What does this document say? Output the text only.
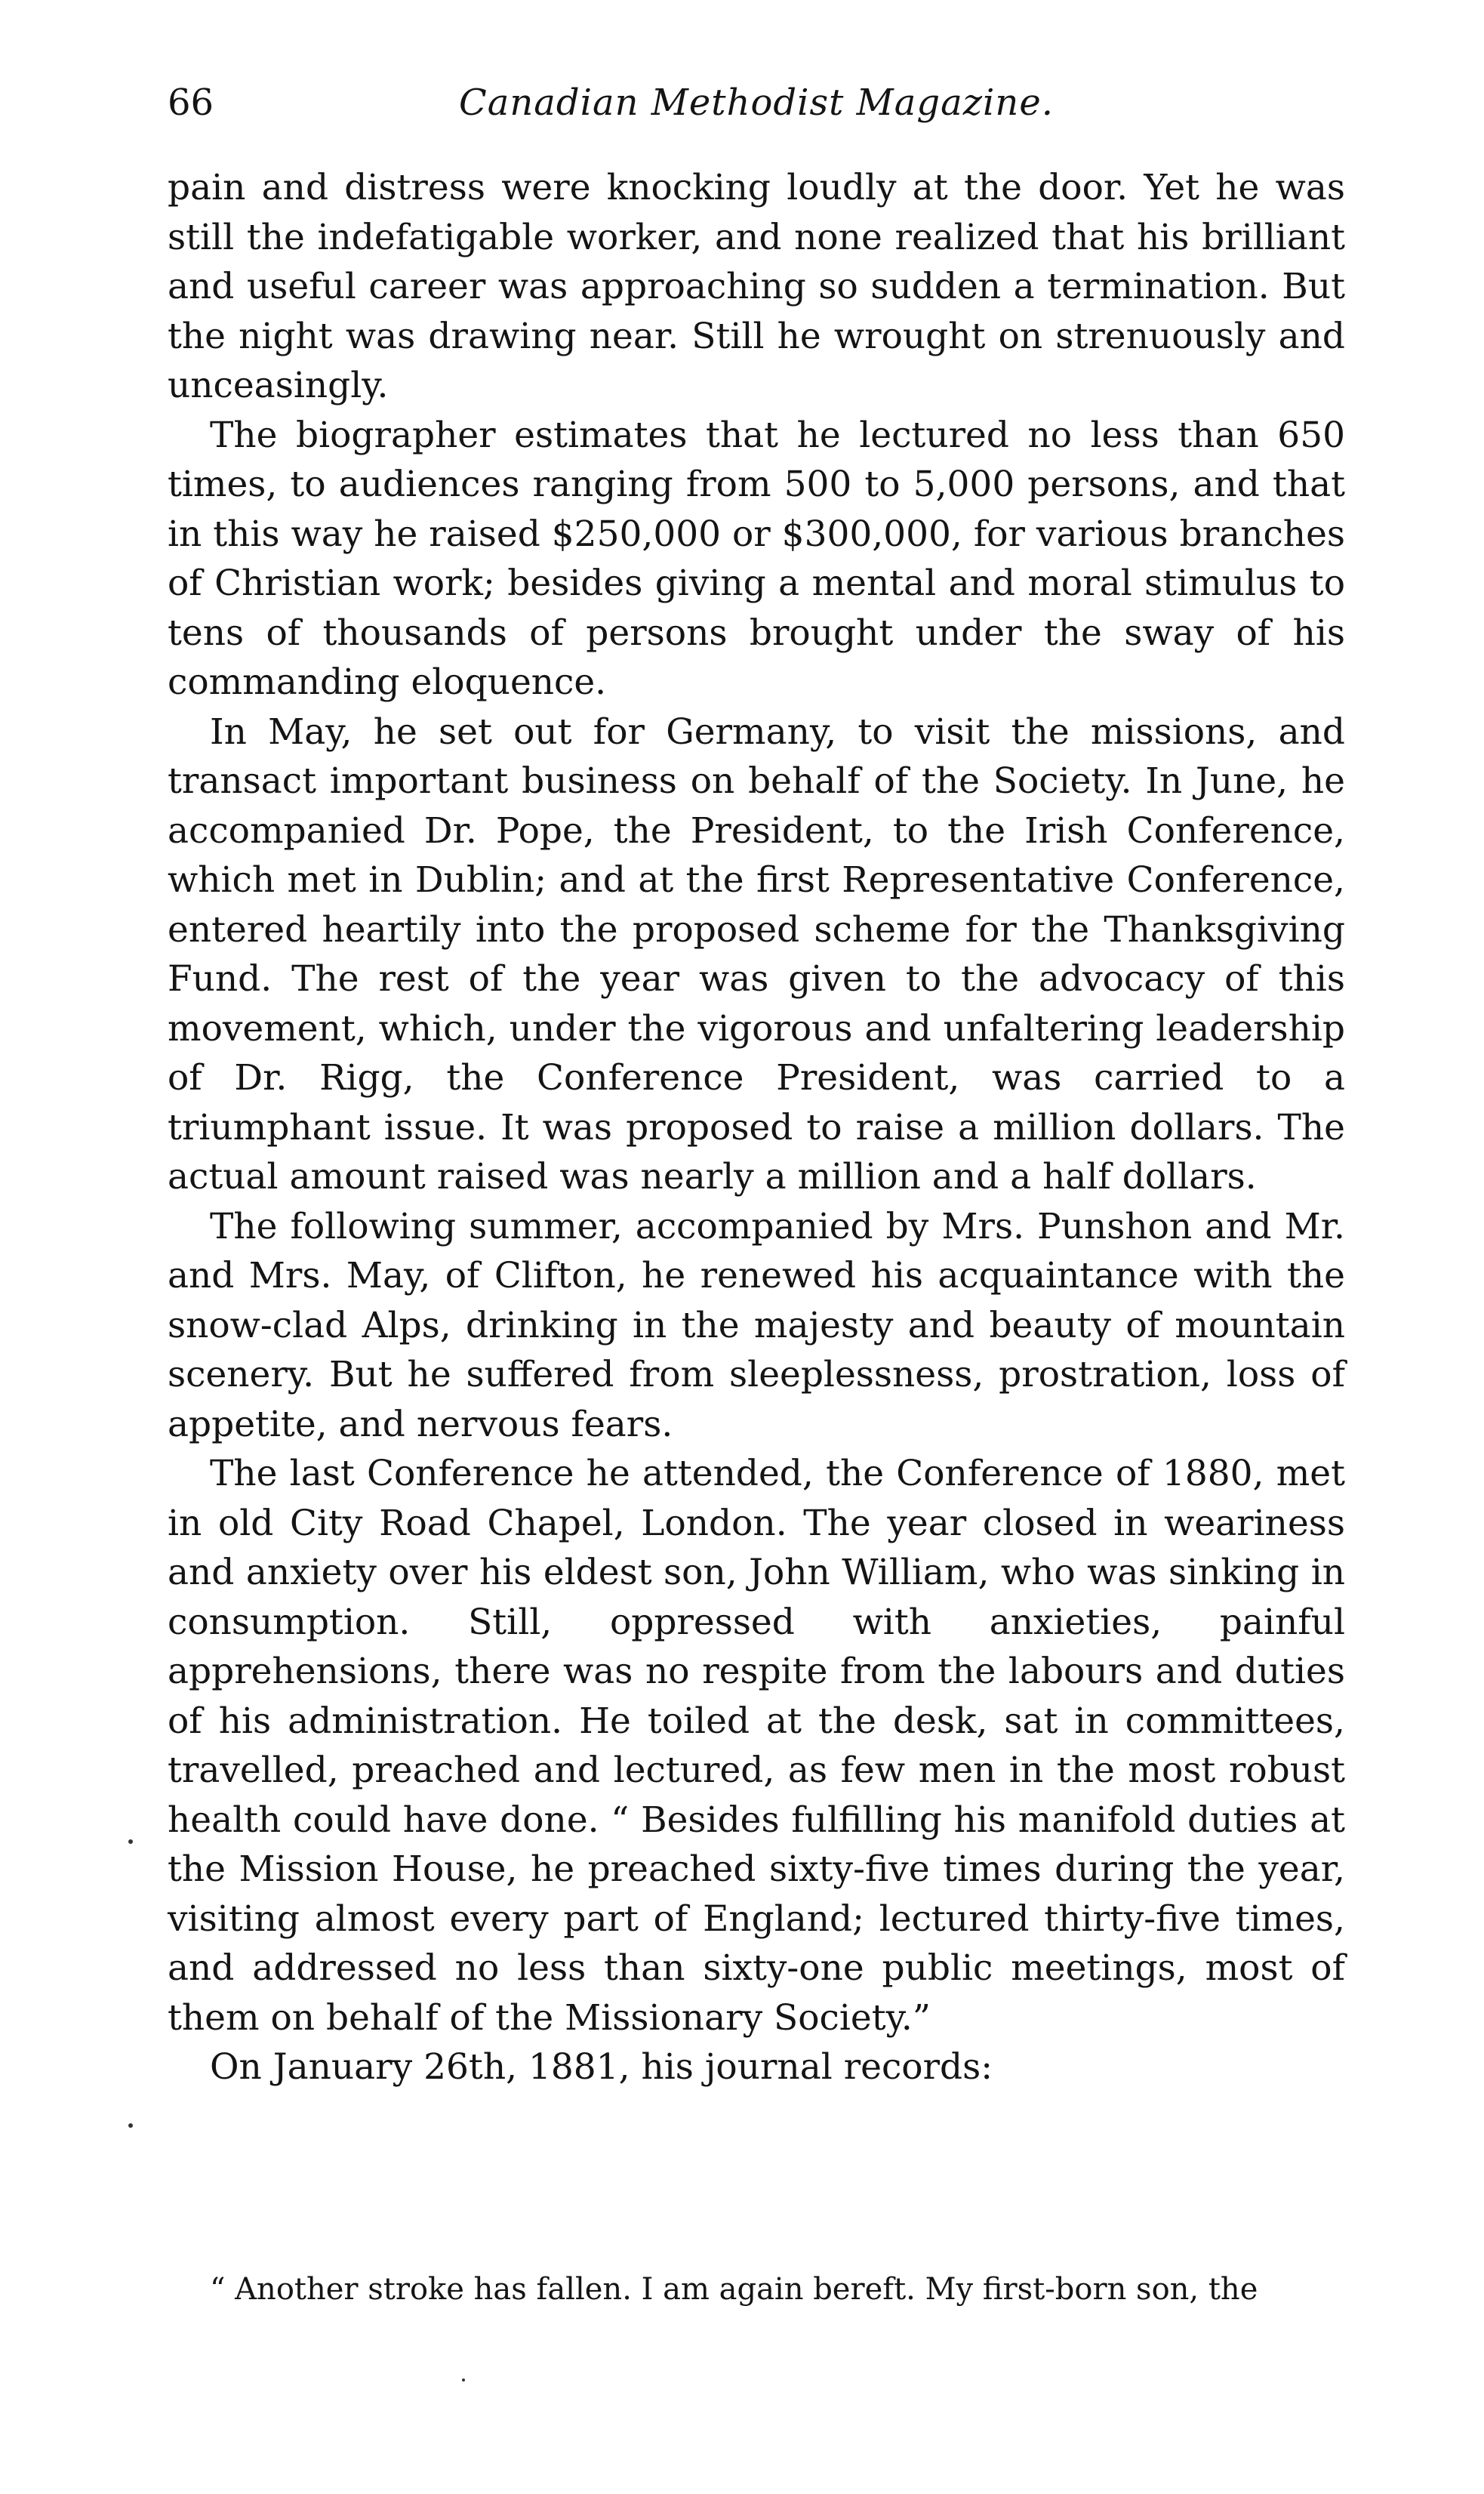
66	Canadian Methodist Magazine.

pain and distress were knocking loudly at the door. Yet he was still the indefatigable worker, and none realized that his brilliant and useful career was approaching so sudden a termination. But the night was drawing near. Still he wrought on strenuously and unceasingly.

The biographer estimates that he lectured no less than 650 times, to audiences ranging from 500 to 5,000 persons, and that in this way he raised $250,000 or $300,000, for various branches of Christian work; besides giving a mental and moral stimulus to tens of thousands of persons brought under the sway of his commanding eloquence.

In May, he set out for Germany, to visit the missions, and transact important business on behalf of the Society. In June, he accompanied Dr. Pope, the President, to the Irish Conference, which met in Dublin; and at the first Representative Conference, entered heartily into the proposed scheme for the Thanksgiving Fund. The rest of the year was given to the advocacy of this movement, which, under the vigorous and unfaltering leadership of Dr. Rigg, the Conference President, was carried to a triumphant issue. It was proposed to raise a million dollars. The actual amount raised was nearly a million and a half dollars.

The following summer, accompanied by Mrs. Punshon and Mr. and Mrs. May, of Clifton, he renewed his acquaintance with the snow-clad Alps, drinking in the majesty and beauty of mountain scenery. But he suffered from sleeplessness, prostration, loss of appetite, and nervous fears.

The last Conference he attended, the Conference of 1880, met in old City Road Chapel, London. The year closed in weariness and anxiety over his eldest son, John William, who was sinking in consumption. Still, oppressed with anxieties, painful apprehensions, there was no respite from the labours and duties of his administration. He toiled at the desk, sat in committees, travelled, preached and lectured, as few men in the most robust health could have done. “ Besides fulfilling his manifold duties at the Mission House, he preached sixty-five times during the year, visiting almost every part of England; lectured thirty-five times, and addressed no less than sixty-one public meetings, most of them on behalf of the Missionary Society.”

On January 26th, 1881, his journal records:

“ Another stroke has fallen. I am again bereft. My first-born son, the
